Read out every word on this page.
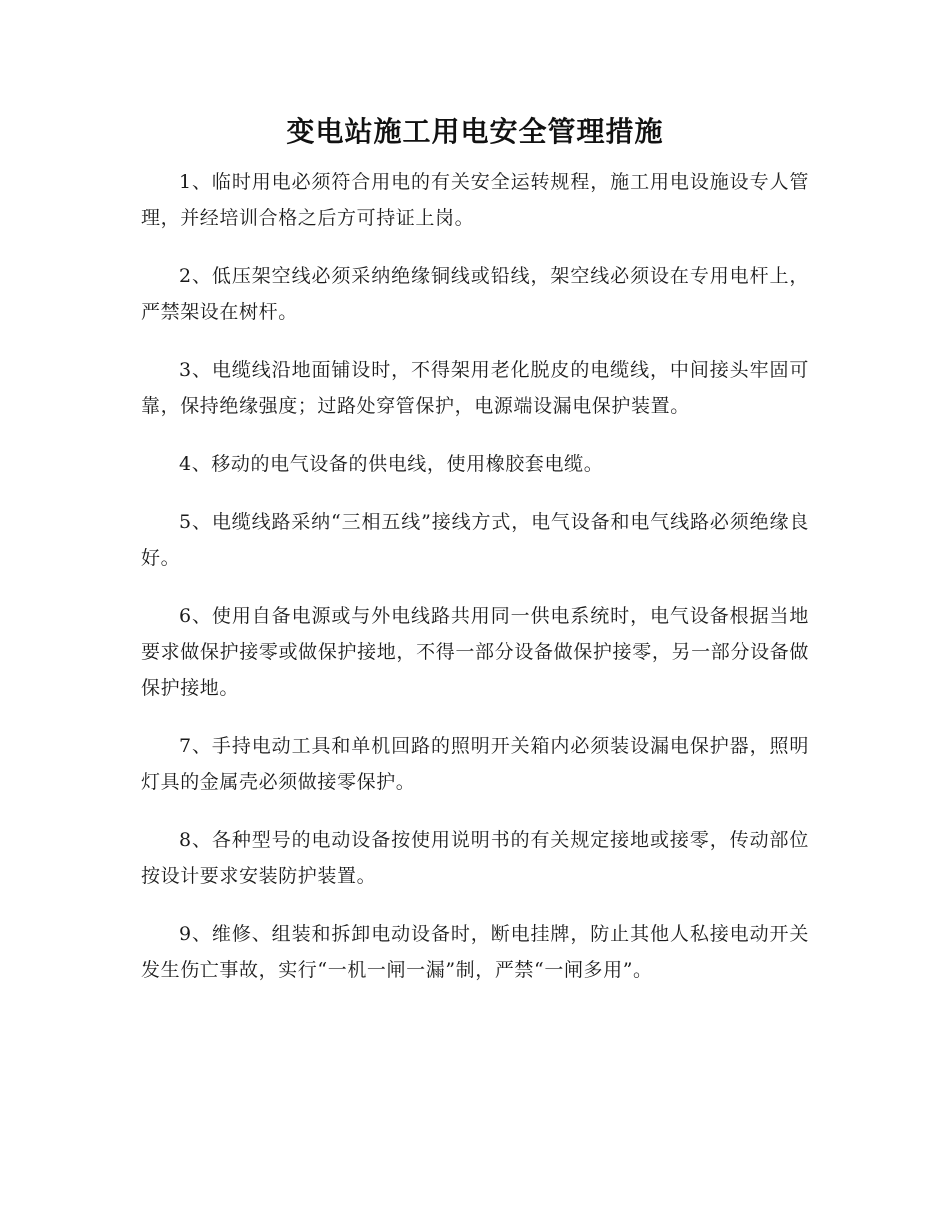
变电站施工用电安全管理措施

1、临时用电必须符合用电的有关安全运转规程，施工用电设施设专人管理，并经培训合格之后方可持证上岗。

2、低压架空线必须采纳绝缘铜线或铅线，架空线必须设在专用电杆上，严禁架设在树杆。

3、电缆线沿地面铺设时，不得架用老化脱皮的电缆线，中间接头牢固可靠，保持绝缘强度；过路处穿管保护，电源端设漏电保护装置。

4、移动的电气设备的供电线，使用橡胶套电缆。

5、电缆线路采纳“三相五线”接线方式，电气设备和电气线路必须绝缘良好。

6、使用自备电源或与外电线路共用同一供电系统时，电气设备根据当地要求做保护接零或做保护接地，不得一部分设备做保护接零，另一部分设备做保护接地。

7、手持电动工具和单机回路的照明开关箱内必须装设漏电保护器，照明灯具的金属壳必须做接零保护。

8、各种型号的电动设备按使用说明书的有关规定接地或接零，传动部位按设计要求安装防护装置。

9、维修、组装和拆卸电动设备时，断电挂牌，防止其他人私接电动开关发生伤亡事故，实行“一机一闸一漏”制，严禁“一闸多用”。
